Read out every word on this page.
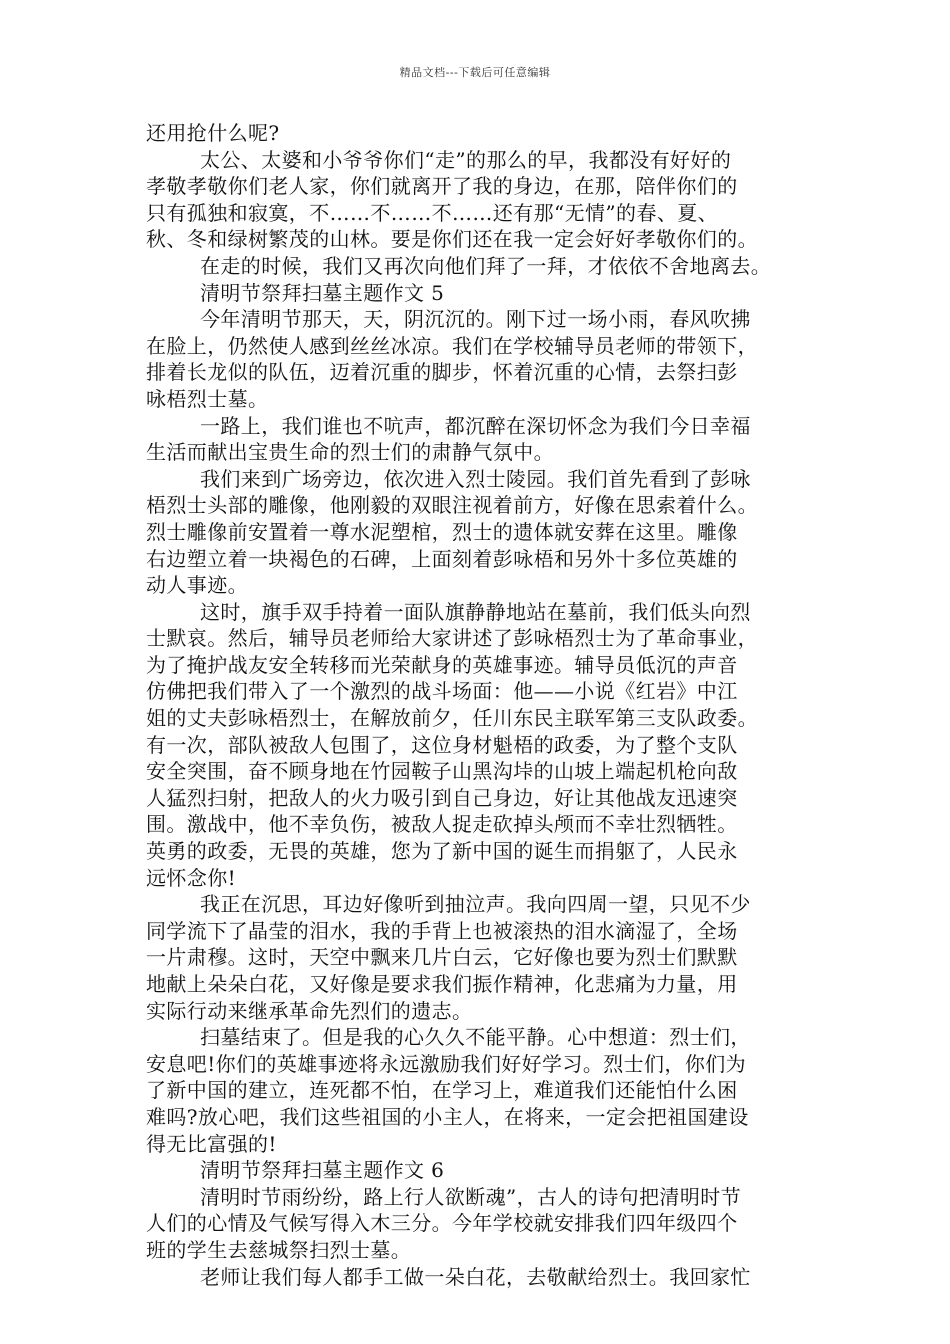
精品文档---下载后可任意编辑
还用抢什么呢?
太公、太婆和小爷爷你们“走”的那么的早，我都没有好好的
孝敬孝敬你们老人家，你们就离开了我的身边，在那，陪伴你们的
只有孤独和寂寞，不……不……不……还有那“无情”的春、夏、
秋、冬和绿树繁茂的山林。要是你们还在我一定会好好孝敬你们的。
在走的时候，我们又再次向他们拜了一拜，才依依不舍地离去。
清明节祭拜扫墓主题作文 5
今年清明节那天，天，阴沉沉的。刚下过一场小雨，春风吹拂
在脸上，仍然使人感到丝丝冰凉。我们在学校辅导员老师的带领下，
排着长龙似的队伍，迈着沉重的脚步，怀着沉重的心情，去祭扫彭
咏梧烈士墓。
一路上，我们谁也不吭声，都沉醉在深切怀念为我们今日幸福
生活而献出宝贵生命的烈士们的肃静气氛中。
我们来到广场旁边，依次进入烈士陵园。我们首先看到了彭咏
梧烈士头部的雕像，他刚毅的双眼注视着前方，好像在思索着什么。
烈士雕像前安置着一尊水泥塑棺，烈士的遗体就安葬在这里。雕像
右边塑立着一块褐色的石碑，上面刻着彭咏梧和另外十多位英雄的
动人事迹。
这时，旗手双手持着一面队旗静静地站在墓前，我们低头向烈
士默哀。然后，辅导员老师给大家讲述了彭咏梧烈士为了革命事业，
为了掩护战友安全转移而光荣献身的英雄事迹。辅导员低沉的声音
仿佛把我们带入了一个激烈的战斗场面：他——小说《红岩》中江
姐的丈夫彭咏梧烈士，在解放前夕，任川东民主联军第三支队政委。
有一次，部队被敌人包围了，这位身材魁梧的政委，为了整个支队
安全突围，奋不顾身地在竹园鞍子山黑沟垰的山坡上端起机枪向敌
人猛烈扫射，把敌人的火力吸引到自己身边，好让其他战友迅速突
围。激战中，他不幸负伤，被敌人捉走砍掉头颅而不幸壮烈牺牲。
英勇的政委，无畏的英雄，您为了新中国的诞生而捐躯了，人民永
远怀念你!
我正在沉思，耳边好像听到抽泣声。我向四周一望，只见不少
同学流下了晶莹的泪水，我的手背上也被滚热的泪水滴湿了，全场
一片肃穆。这时，天空中飘来几片白云，它好像也要为烈士们默默
地献上朵朵白花，又好像是要求我们振作精神，化悲痛为力量，用
实际行动来继承革命先烈们的遗志。
扫墓结束了。但是我的心久久不能平静。心中想道：烈士们，
安息吧!你们的英雄事迹将永远激励我们好好学习。烈士们，你们为
了新中国的建立，连死都不怕，在学习上，难道我们还能怕什么困
难吗?放心吧，我们这些祖国的小主人，在将来，一定会把祖国建设
得无比富强的!
清明节祭拜扫墓主题作文 6
清明时节雨纷纷，路上行人欲断魂”，古人的诗句把清明时节
人们的心情及气候写得入木三分。今年学校就安排我们四年级四个
班的学生去慈城祭扫烈士墓。
老师让我们每人都手工做一朵白花，去敬献给烈士。我回家忙
